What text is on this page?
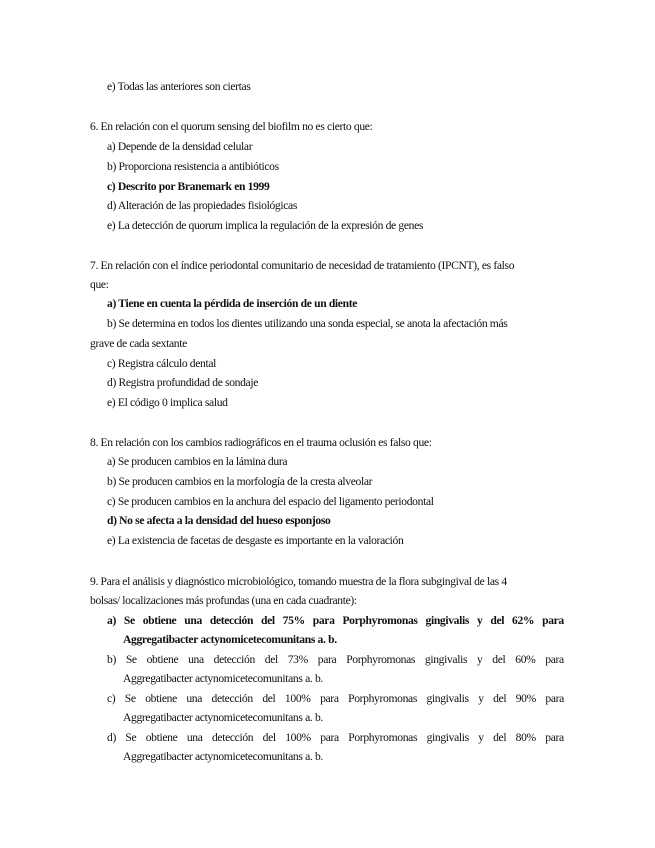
e) Todas las anteriores son ciertas
6. En relación con el quorum sensing del biofilm no es cierto que:
a) Depende de la densidad celular
b) Proporciona resistencia a antibióticos
c) Descrito por Branemark en 1999
d) Alteración de las propiedades fisiológicas
e) La detección de quorum implica la regulación de la expresión de genes
7. En relación con el índice periodontal comunitario de necesidad de tratamiento (IPCNT), es falso
que:
a) Tiene en cuenta la pérdida de inserción de un diente
b) Se determina en todos los dientes utilizando una sonda especial, se anota la afectación más
grave de cada sextante
c) Registra cálculo dental
d) Registra profundidad de sondaje
e) El código 0 implica salud
8. En relación con los cambios radiográficos en el trauma oclusión es falso que:
a) Se producen cambios en la lámina dura
b) Se producen cambios en la morfología de la cresta alveolar
c) Se producen cambios en la anchura del espacio del ligamento periodontal
d) No se afecta a la densidad del hueso esponjoso
e) La existencia de facetas de desgaste es importante en la valoración
9. Para el análisis y diagnóstico microbiológico, tomando muestra de la flora subgingival de las 4
bolsas/ localizaciones más profundas (una en cada cuadrante):
a) Se obtiene una detección del 75% para Porphyromonas gingivalis y del 62% para
Aggregatibacter actynomicetecomunitans a. b.
b) Se obtiene una detección del 73% para Porphyromonas gingivalis y del 60% para
Aggregatibacter actynomicetecomunitans a. b.
c) Se obtiene una detección del 100% para Porphyromonas gingivalis y del 90% para
Aggregatibacter actynomicetecomunitans a. b.
d) Se obtiene una detección del 100% para Porphyromonas gingivalis y del 80% para
Aggregatibacter actynomicetecomunitans a. b.
